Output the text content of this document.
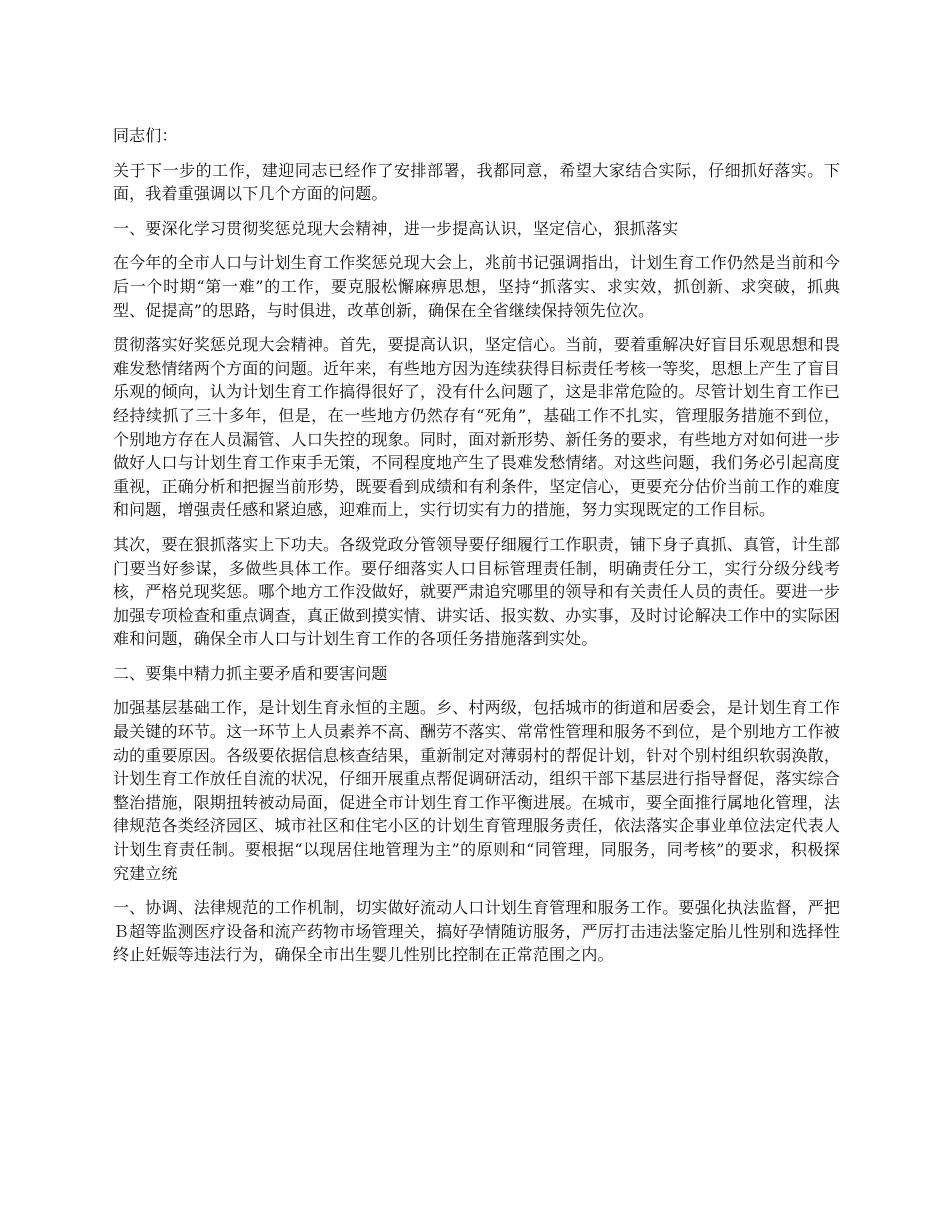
同志们：

关于下一步的工作，建迎同志已经作了安排部署，我都同意，希望大家结合实际，仔细抓好落实。下面，我着重强调以下几个方面的问题。

一、要深化学习贯彻奖惩兑现大会精神，进一步提高认识，坚定信心，狠抓落实

在今年的全市人口与计划生育工作奖惩兑现大会上，兆前书记强调指出，计划生育工作仍然是当前和今后一个时期“第一难”的工作，要克服松懈麻痹思想，坚持“抓落实、求实效，抓创新、求突破，抓典型、促提高”的思路，与时俱进，改革创新，确保在全省继续保持领先位次。

贯彻落实好奖惩兑现大会精神。首先，要提高认识，坚定信心。当前，要着重解决好盲目乐观思想和畏难发愁情绪两个方面的问题。近年来，有些地方因为连续获得目标责任考核一等奖，思想上产生了盲目乐观的倾向，认为计划生育工作搞得很好了，没有什么问题了，这是非常危险的。尽管计划生育工作已经持续抓了三十多年，但是，在一些地方仍然存有“死角”，基础工作不扎实，管理服务措施不到位，个别地方存在人员漏管、人口失控的现象。同时，面对新形势、新任务的要求，有些地方对如何进一步做好人口与计划生育工作束手无策，不同程度地产生了畏难发愁情绪。对这些问题，我们务必引起高度重视，正确分析和把握当前形势，既要看到成绩和有利条件，坚定信心，更要充分估价当前工作的难度和问题，增强责任感和紧迫感，迎难而上，实行切实有力的措施，努力实现既定的工作目标。

其次，要在狠抓落实上下功夫。各级党政分管领导要仔细履行工作职责，铺下身子真抓、真管，计生部门要当好参谋，多做些具体工作。要仔细落实人口目标管理责任制，明确责任分工，实行分级分线考核，严格兑现奖惩。哪个地方工作没做好，就要严肃追究哪里的领导和有关责任人员的责任。要进一步加强专项检查和重点调查，真正做到摸实情、讲实话、报实数、办实事，及时讨论解决工作中的实际困难和问题，确保全市人口与计划生育工作的各项任务措施落到实处。

二、要集中精力抓主要矛盾和要害问题

加强基层基础工作，是计划生育永恒的主题。乡、村两级，包括城市的街道和居委会，是计划生育工作最关键的环节。这一环节上人员素养不高、酬劳不落实、常常性管理和服务不到位，是个别地方工作被动的重要原因。各级要依据信息核查结果，重新制定对薄弱村的帮促计划，针对个别村组织软弱涣散，计划生育工作放任自流的状况，仔细开展重点帮促调研活动，组织干部下基层进行指导督促，落实综合整治措施，限期扭转被动局面，促进全市计划生育工作平衡进展。在城市，要全面推行属地化管理，法律规范各类经济园区、城市社区和住宅小区的计划生育管理服务责任，依法落实企事业单位法定代表人计划生育责任制。要根据“以现居住地管理为主”的原则和“同管理，同服务，同考核”的要求，积极探究建立统

一、协调、法律规范的工作机制，切实做好流动人口计划生育管理和服务工作。要强化执法监督，严把Ｂ超等监测医疗设备和流产药物市场管理关，搞好孕情随访服务，严厉打击违法鉴定胎儿性别和选择性终止妊娠等违法行为，确保全市出生婴儿性别比控制在正常范围之内。
